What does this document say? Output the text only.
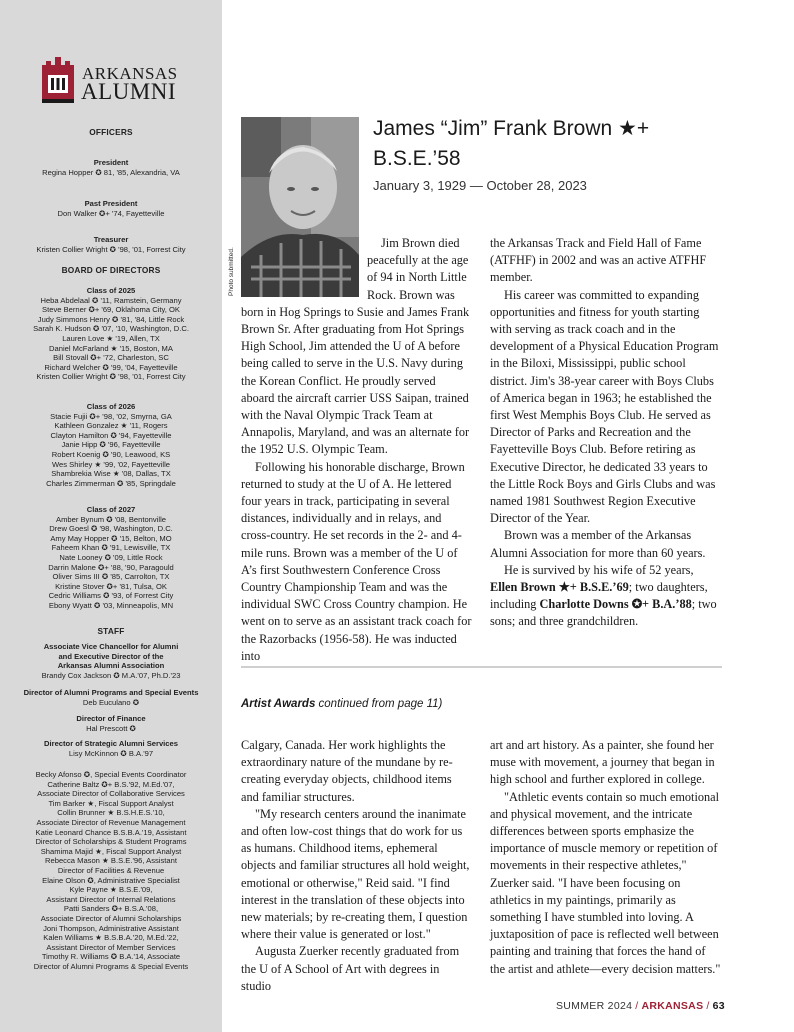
ARKANSAS
ALUMNI
OFFICERS
President
Regina Hopper ✪ 81, '85, Alexandria, VA
Past President
Don Walker ✪+ '74, Fayetteville
Treasurer
Kristen Collier Wright ✪ '98, '01, Forrest City
BOARD OF DIRECTORS
Class of 2025
Heba Abdelaal ✪ '11, Ramstein, Germany
Steve Berner ✪+ '69, Oklahoma City, OK
Judy Simmons Henry ✪ '81, '84, Little Rock
Sarah K. Hudson ✪ '07, '10, Washington, D.C.
Lauren Love ★ '19, Allen, TX
Daniel McFarland ★ '15, Boston, MA
Bill Stovall ✪+ '72, Charleston, SC
Richard Welcher ✪ '99, '04, Fayetteville
Kristen Collier Wright ✪ '98, '01, Forrest City
Class of 2026
Stacie Fujii ✪+ '98, '02, Smyrna, GA
Kathleen Gonzalez ★ '11, Rogers
Clayton Hamilton ✪ '94, Fayetteville
Janie Hipp ✪ '96, Fayetteville
Robert Koenig ✪ '90, Leawood, KS
Wes Shirley ★ '99, '02, Fayetteville
Shambrekia Wise ★ '08, Dallas, TX
Charles Zimmerman ✪ '85, Springdale
Class of 2027
Amber Bynum ✪ '08, Bentonville
Drew Goesl ✪ '98, Washington, D.C.
Amy May Hopper ✪ '15, Belton, MO
Faheem Khan ✪ '91, Lewisville, TX
Nate Looney ✪ '09, Little Rock
Darrin Malone ✪+ '88, '90, Paragould
Oliver Sims III ✪ '85, Carrolton, TX
Kristine Stover ✪+ '81, Tulsa, OK
Cedric Williams ✪ '93, of Forrest City
Ebony Wyatt ✪ '03, Minneapolis, MN
STAFF
Associate Vice Chancellor for Alumni
and Executive Director of the
Arkansas Alumni Association
Brandy Cox Jackson ✪ M.A.'07, Ph.D.'23
Director of Alumni Programs and Special Events
Deb Euculano ✪
Director of Finance
Hal Prescott ✪
Director of Strategic Alumni Services
Lisy McKinnon ✪ B.A.'97
Becky Afonso ✪, Special Events Coordinator
Catherine Baltz ✪+ B.S.'92, M.Ed.'07,
Associate Director of Collaborative Services
Tim Barker ★, Fiscal Support Analyst
Collin Brunner ★ B.S.H.E.S.'10,
Associate Director of Revenue Management
Katie Leonard Chance B.S.B.A.'19, Assistant
Director of Scholarships & Student Programs
Shamima Majid ★, Fiscal Support Analyst
Rebecca Mason ★ B.S.E.'96, Assistant
Director of Facilities & Revenue
Elaine Olson ✪, Administrative Specialist
Kyle Payne ★ B.S.E.'09,
Assistant Director of Internal Relations
Patti Sanders ✪+ B.S.A.'08,
Associate Director of Alumni Scholarships
Joni Thompson, Administrative Assistant
Kalen Williams ★ B.S.B.A.'20, M.Ed.'22,
Assistant Director of Member Services
Timothy R. Williams ✪ B.A.'14, Associate
Director of Alumni Programs & Special Events
Photo submitted.
James “Jim” Frank Brown ★+
B.S.E.’58
January 3, 1929 — October 28, 2023

Jim Brown died peacefully at the age of 94 in North Little Rock. Brown was born in Hog Springs to Susie and James Frank Brown Sr. After graduating from Hot Springs High School, Jim attended the U of A before being called to serve in the U.S. Navy during the Korean Conflict. He proudly served aboard the aircraft carrier USS Saipan, trained with the Naval Olympic Track Team at Annapolis, Maryland, and was an alternate for the 1952 U.S. Olympic Team.

Following his honorable discharge, Brown returned to study at the U of A. He lettered four years in track, participating in several distances, individually and in relays, and cross-country. He set records in the 2- and 4-mile runs. Brown was a member of the U of A’s first Southwestern Conference Cross Country Championship Team and was the individual SWC Cross Country champion. He went on to serve as an assistant track coach for the Razorbacks (1956-58). He was inducted into

the Arkansas Track and Field Hall of Fame (ATFHF) in 2002 and was an active ATFHF member.

His career was committed to expanding opportunities and fitness for youth starting with serving as track coach and in the development of a Physical Education Program in the Biloxi, Mississippi, public school district. Jim's 38-year career with Boys Clubs of America began in 1963; he established the first West Memphis Boys Club. He served as Director of Parks and Recreation and the Fayetteville Boys Club. Before retiring as Executive Director, he dedicated 33 years to the Little Rock Boys and Girls Clubs and was named 1981 Southwest Region Executive Director of the Year.

Brown was a member of the Arkansas Alumni Association for more than 60 years.

He is survived by his wife of 52 years, Ellen Brown ★+ B.S.E.’69; two daughters, including Charlotte Downs ✪+ B.A.’88; two sons; and three grandchildren.

Artist Awards continued from page 11)

Calgary, Canada. Her work highlights the extraordinary nature of the mundane by re-creating everyday objects, childhood items and familiar structures.

"My research centers around the inanimate and often low-cost things that do work for us as humans. Childhood items, ephemeral objects and familiar structures all hold weight, emotional or otherwise," Reid said. "I find interest in the translation of these objects into new materials; by re-creating them, I question where their value is generated or lost."

Augusta Zuerker recently graduated from the U of A School of Art with degrees in studio

art and art history. As a painter, she found her muse with movement, a journey that began in high school and further explored in college.

"Athletic events contain so much emotional and physical movement, and the intricate differences between sports emphasize the importance of muscle memory or repetition of movements in their respective athletes," Zuerker said. "I have been focusing on athletics in my paintings, primarily as something I have stumbled into loving. A juxtaposition of pace is reflected well between painting and training that forces the hand of the artist and athlete—every decision matters."

SUMMER 2024 / ARKANSAS / 63
